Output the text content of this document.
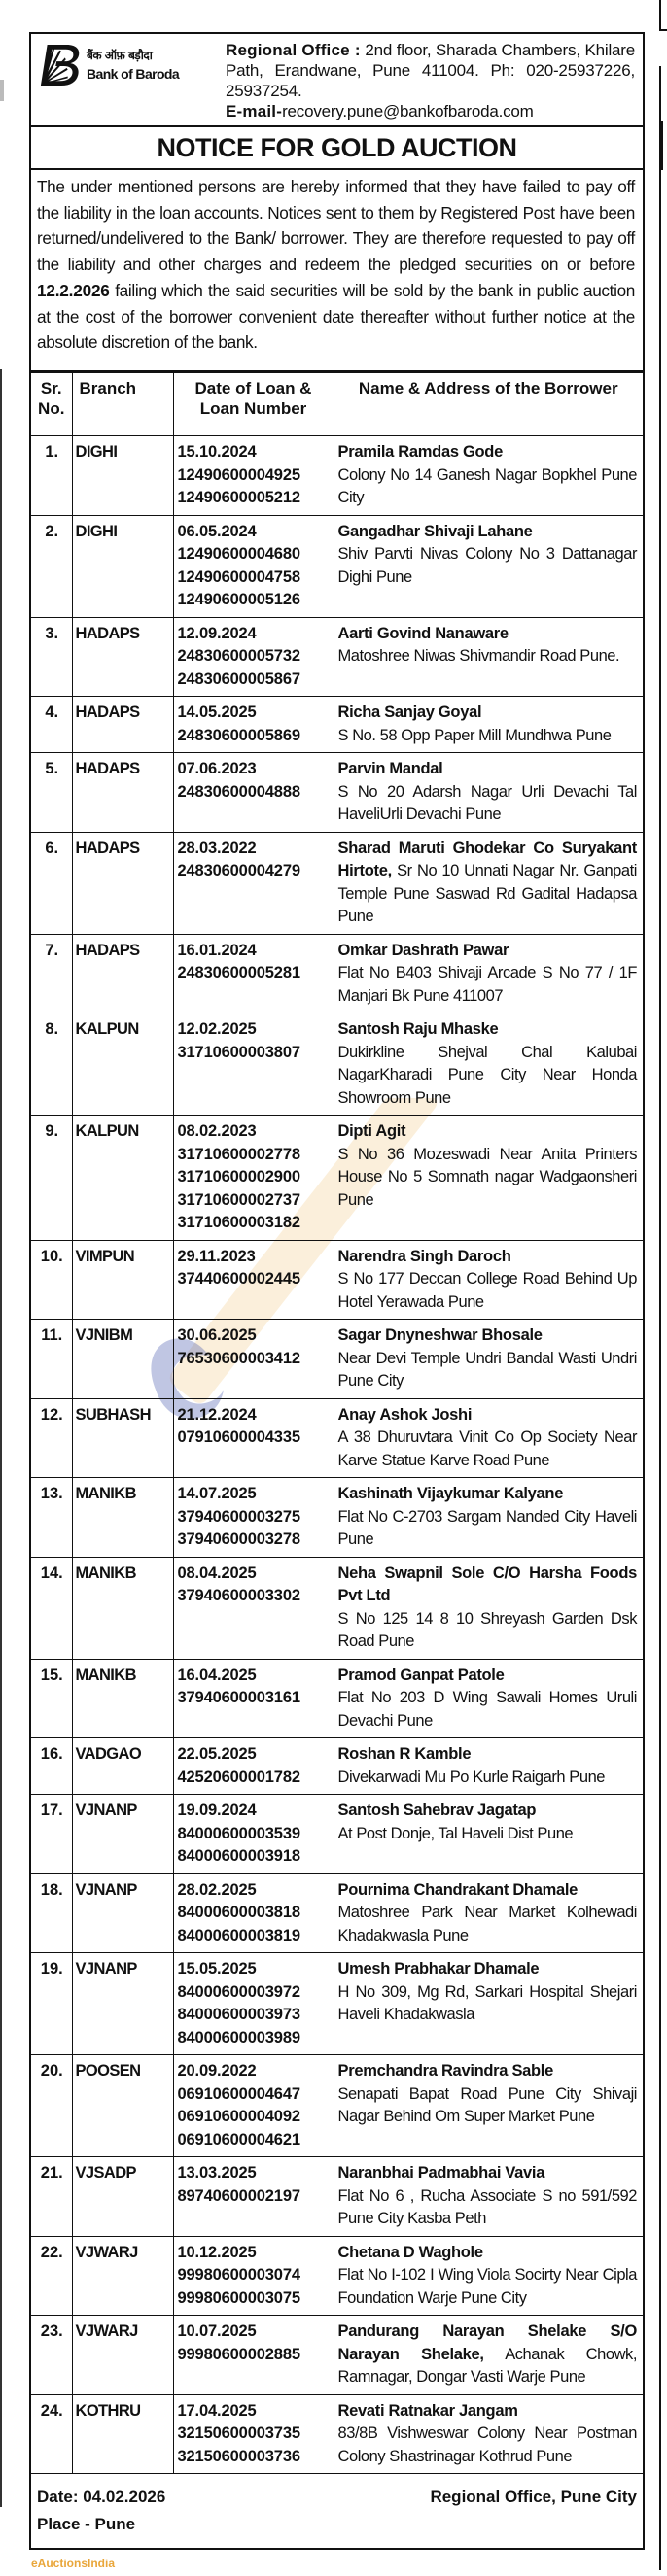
बैंक ऑफ़ बड़ौदा
Bank of Baroda
Regional Office : 2nd floor, Sharada Chambers, Khilare Path, Erandwane, Pune 411004. Ph: 020-25937226, 25937254.
E-mail-recovery.pune@bankofbaroda.com
NOTICE FOR GOLD AUCTION
The under mentioned persons are hereby informed that they have failed to pay off the liability in the loan accounts. Notices sent to them by Registered Post have been returned/undelivered to the Bank/ borrower. They are therefore requested to pay off the liability and other charges and redeem the pledged securities on or before 12.2.2026 failing which the said securities will be sold by the bank in public auction at the cost of the borrower convenient date thereafter without further notice at the absolute discretion of the bank.
Sr. No.	Branch	Date of Loan & Loan Number	Name & Address of the Borrower
1.	DIGHI	15.10.2024
12490600004925
12490600005212	Pramila Ramdas Gode
Colony No 14 Ganesh Nagar Bopkhel Pune City
2.	DIGHI	06.05.2024
12490600004680
12490600004758
12490600005126	Gangadhar Shivaji Lahane
Shiv Parvti Nivas Colony No 3 Dattanagar Dighi Pune
3.	HADAPS	12.09.2024
24830600005732
24830600005867	Aarti Govind Nanaware
Matoshree Niwas Shivmandir Road Pune.
4.	HADAPS	14.05.2025
24830600005869	Richa Sanjay Goyal
S No. 58 Opp Paper Mill Mundhwa Pune
5.	HADAPS	07.06.2023
24830600004888	Parvin Mandal
S No 20 Adarsh Nagar Urli Devachi Tal HaveliUrli Devachi Pune
6.	HADAPS	28.03.2022
24830600004279	Sharad Maruti Ghodekar Co Suryakant Hirtote, Sr No 10 Unnati Nagar Nr. Ganpati Temple Pune Saswad Rd Gadital Hadapsa Pune
7.	HADAPS	16.01.2024
24830600005281	Omkar Dashrath Pawar
Flat No B403 Shivaji Arcade S No 77 / 1F Manjari Bk Pune 411007
8.	KALPUN	12.02.2025
31710600003807	Santosh Raju Mhaske
Dukirkline Shejval Chal Kalubai NagarKharadi Pune City Near Honda Showroom Pune
9.	KALPUN	08.02.2023
31710600002778
31710600002900
31710600002737
31710600003182	Dipti Agit
S No 36 Mozeswadi Near Anita Printers House No 5 Somnath nagar Wadgaonsheri Pune
10.	VIMPUN	29.11.2023
37440600002445	Narendra Singh Daroch
S No 177 Deccan College Road Behind Up Hotel Yerawada Pune
11.	VJNIBM	30.06.2025
76530600003412	Sagar Dnyneshwar Bhosale
Near Devi Temple Undri Bandal Wasti Undri Pune City
12.	SUBHASH	21.12.2024
07910600004335	Anay Ashok Joshi
A 38 Dhuruvtara Vinit Co Op Society Near Karve Statue Karve Road Pune
13.	MANIKB	14.07.2025
37940600003275
37940600003278	Kashinath Vijaykumar Kalyane
Flat No C-2703 Sargam Nanded City Haveli Pune
14.	MANIKB	08.04.2025
37940600003302	Neha Swapnil Sole C/O Harsha Foods Pvt Ltd
S No 125 14 8 10 Shreyash Garden Dsk Road Pune
15.	MANIKB	16.04.2025
37940600003161	Pramod Ganpat Patole
Flat No 203 D Wing Sawali Homes Uruli Devachi Pune
16.	VADGAO	22.05.2025
42520600001782	Roshan R Kamble
Divekarwadi Mu Po Kurle Raigarh Pune
17.	VJNANP	19.09.2024
84000600003539
84000600003918	Santosh Sahebrav Jagatap
At Post Donje, Tal Haveli Dist Pune
18.	VJNANP	28.02.2025
84000600003818
84000600003819	Pournima Chandrakant Dhamale
Matoshree Park Near Market Kolhewadi Khadakwasla Pune
19.	VJNANP	15.05.2025
84000600003972
84000600003973
84000600003989	Umesh Prabhakar Dhamale
H No 309, Mg Rd, Sarkari Hospital Shejari Haveli Khadakwasla
20.	POOSEN	20.09.2022
06910600004647
06910600004092
06910600004621	Premchandra Ravindra Sable
Senapati Bapat Road Pune City Shivaji Nagar Behind Om Super Market Pune
21.	VJSADP	13.03.2025
89740600002197	Naranbhai Padmabhai Vavia
Flat No 6 , Rucha Associate S no 591/592 Pune City Kasba Peth
22.	VJWARJ	10.12.2025
99980600003074
99980600003075	Chetana D Waghole
Flat No I-102 I Wing Viola Socirty Near Cipla Foundation Warje Pune City
23.	VJWARJ	10.07.2025
99980600002885	Pandurang Narayan Shelake S/O Narayan Shelake, Achanak Chowk, Ramnagar, Dongar Vasti Warje Pune
24.	KOTHRU	17.04.2025
32150600003735
32150600003736	Revati Ratnakar Jangam
83/8B Vishweswar Colony Near Postman Colony Shastrinagar Kothrud Pune
Date: 04.02.2026
Place - Pune
Regional Office, Pune City
eAuctionsIndia
